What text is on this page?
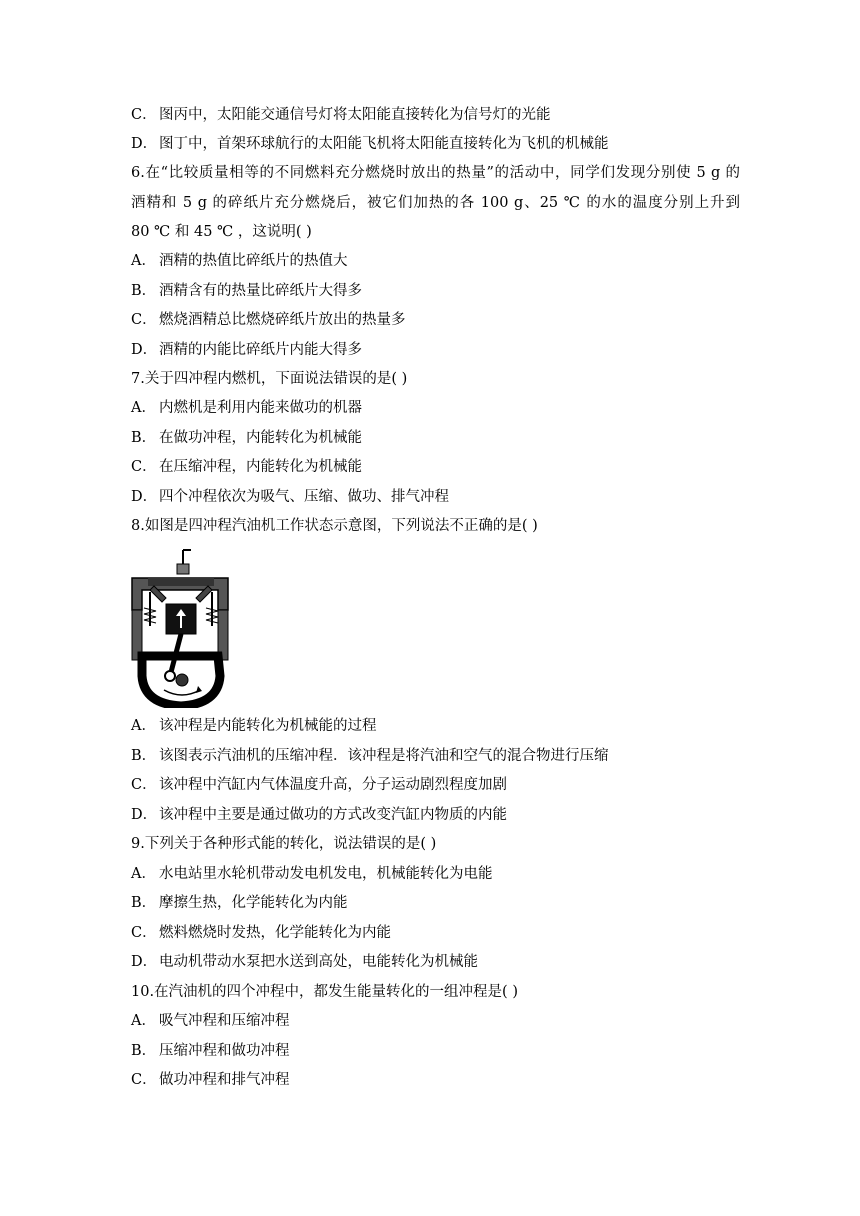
C． 图丙中，太阳能交通信号灯将太阳能直接转化为信号灯的光能
D． 图丁中，首架环球航行的太阳能飞机将太阳能直接转化为飞机的机械能
6.在“比较质量相等的不同燃料充分燃烧时放出的热量”的活动中，同学们发现分别使 5 g 的
酒精和 5 g 的碎纸片充分燃烧后，被它们加热的各 100 g、25 ℃ 的水的温度分别上升到
80 ℃ 和 45 ℃ ，这说明( )
A． 酒精的热值比碎纸片的热值大
B． 酒精含有的热量比碎纸片大得多
C． 燃烧酒精总比燃烧碎纸片放出的热量多
D． 酒精的内能比碎纸片内能大得多
7.关于四冲程内燃机，下面说法错误的是( )
A． 内燃机是利用内能来做功的机器
B． 在做功冲程，内能转化为机械能
C． 在压缩冲程，内能转化为机械能
D． 四个冲程依次为吸气、压缩、做功、排气冲程
8.如图是四冲程汽油机工作状态示意图，下列说法不正确的是( )
A． 该冲程是内能转化为机械能的过程
B． 该图表示汽油机的压缩冲程．该冲程是将汽油和空气的混合物进行压缩
C． 该冲程中汽缸内气体温度升高，分子运动剧烈程度加剧
D． 该冲程中主要是通过做功的方式改变汽缸内物质的内能
9.下列关于各种形式能的转化，说法错误的是( )
A． 水电站里水轮机带动发电机发电，机械能转化为电能
B． 摩擦生热，化学能转化为内能
C． 燃料燃烧时发热，化学能转化为内能
D． 电动机带动水泵把水送到高处，电能转化为机械能
10.在汽油机的四个冲程中，都发生能量转化的一组冲程是( )
A． 吸气冲程和压缩冲程
B． 压缩冲程和做功冲程
C． 做功冲程和排气冲程
